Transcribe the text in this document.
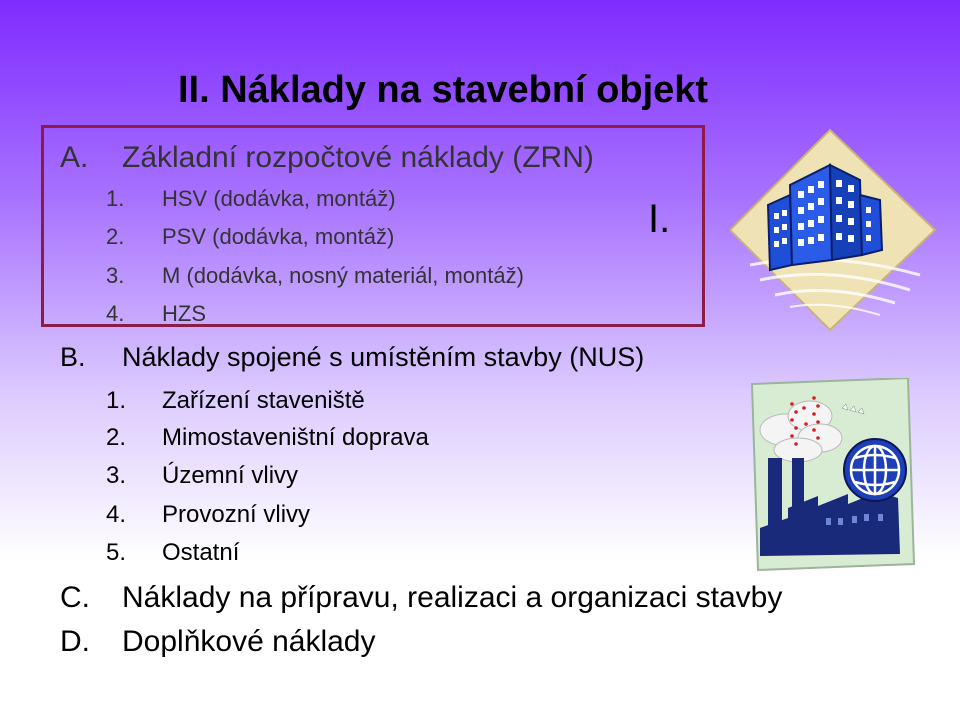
II. Náklady na stavební objekt
I.
A. Základní rozpočtové náklady (ZRN)
1. HSV (dodávka, montáž)
2. PSV (dodávka, montáž)
3. M (dodávka, nosný materiál, montáž)
4. HZS
B. Náklady spojené s umístěním stavby (NUS)
1. Zařízení staveniště
2. Mimostaveništní doprava
3. Územní vlivy
4. Provozní vlivy
5. Ostatní
C. Náklady na přípravu, realizaci a organizaci stavby
D. Doplňkové náklady
